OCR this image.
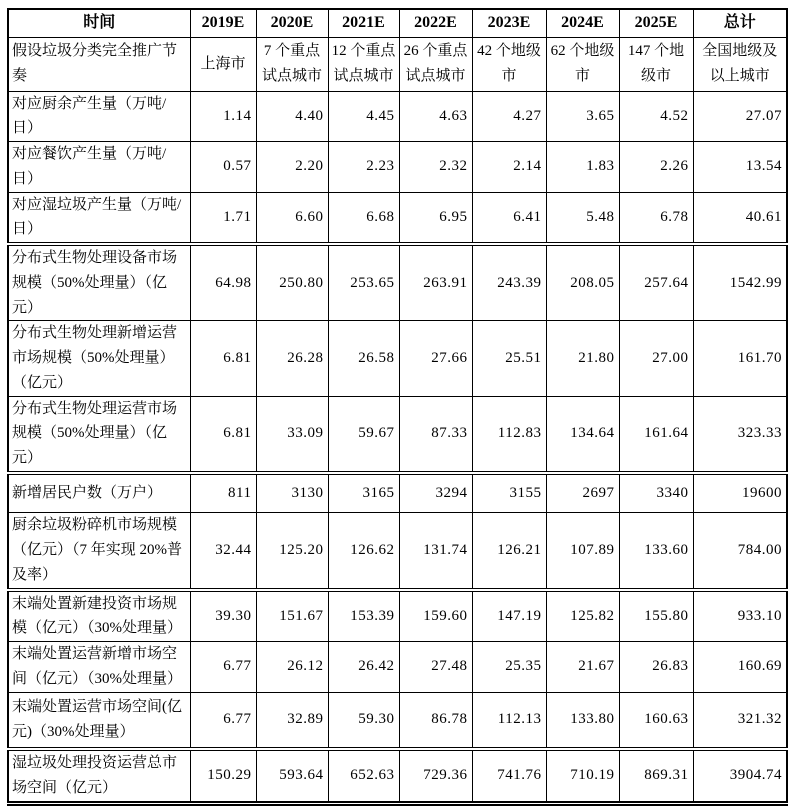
时间	2019E	2020E	2021E	2022E	2023E	2024E	2025E	总计
假设垃圾分类完全推广节奏	上海市	7 个重点试点城市	12 个重点试点城市	26 个重点试点城市	42 个地级市	62 个地级市	147 个地级市	全国地级及以上城市
对应厨余产生量（万吨/日）	1.14	4.40	4.45	4.63	4.27	3.65	4.52	27.07
对应餐饮产生量（万吨/日）	0.57	2.20	2.23	2.32	2.14	1.83	2.26	13.54
对应湿垃圾产生量（万吨/日）	1.71	6.60	6.68	6.95	6.41	5.48	6.78	40.61
分布式生物处理设备市场规模（50%处理量）（亿元）	64.98	250.80	253.65	263.91	243.39	208.05	257.64	1542.99
分布式生物处理新增运营市场规模（50%处理量）（亿元）	6.81	26.28	26.58	27.66	25.51	21.80	27.00	161.70
分布式生物处理运营市场规模（50%处理量）（亿元）	6.81	33.09	59.67	87.33	112.83	134.64	161.64	323.33
新增居民户数（万户）	811	3130	3165	3294	3155	2697	3340	19600
厨余垃圾粉碎机市场规模（亿元）（7 年实现 20%普及率）	32.44	125.20	126.62	131.74	126.21	107.89	133.60	784.00
末端处置新建投资市场规模（亿元）（30%处理量）	39.30	151.67	153.39	159.60	147.19	125.82	155.80	933.10
末端处置运营新增市场空间（亿元）（30%处理量）	6.77	26.12	26.42	27.48	25.35	21.67	26.83	160.69
末端处置运营市场空间(亿元)（30%处理量）	6.77	32.89	59.30	86.78	112.13	133.80	160.63	321.32
湿垃圾处理投资运营总市场空间（亿元）	150.29	593.64	652.63	729.36	741.76	710.19	869.31	3904.74
